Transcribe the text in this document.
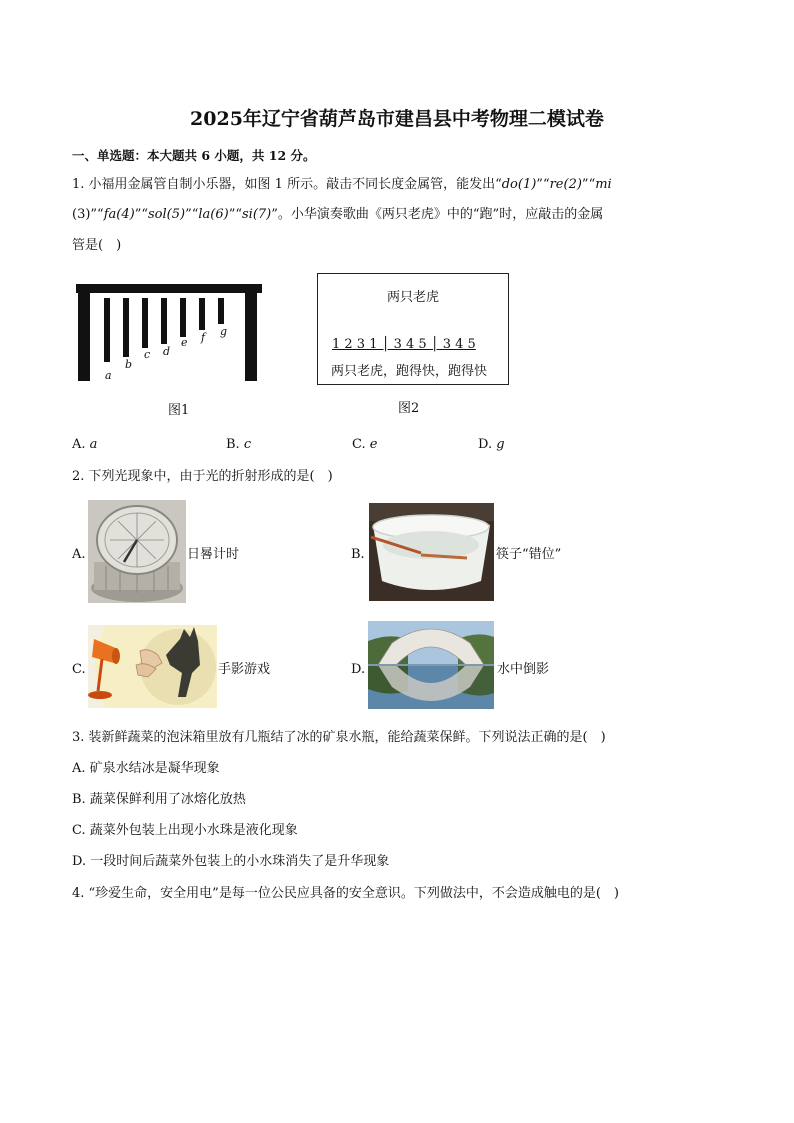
2025年辽宁省葫芦岛市建昌县中考物理二模试卷
一、单选题：本大题共 6 小题，共 12 分。
1. 小福用金属管自制小乐器，如图 1 所示。敲击不同长度金属管，能发出“do(1)”“re(2)”“mi
(3)”“fa(4)”“sol(5)”“la(6)”“si(7)”。小华演奏歌曲《两只老虎》中的“跑”时，应敲击的金属
管是(　)
a
b
c d
e f g
图1
两只老虎
1 2 3 1 │ 3 4 5 │ 3 4 5
两只老虎，跑得快，跑得快
图2
A. a	B. c	C. e	D. g
2. 下列光现象中，由于光的折射形成的是(　)
A.	日晷计时	B.	筷子“错位”
C.	手影游戏	D.	水中倒影
3. 装新鲜蔬菜的泡沫箱里放有几瓶结了冰的矿泉水瓶，能给蔬菜保鲜。下列说法正确的是(　)
A. 矿泉水结冰是凝华现象
B. 蔬菜保鲜利用了冰熔化放热
C. 蔬菜外包装上出现小水珠是液化现象
D. 一段时间后蔬菜外包装上的小水珠消失了是升华现象
4. “珍爱生命，安全用电”是每一位公民应具备的安全意识。下列做法中，不会造成触电的是(　)
